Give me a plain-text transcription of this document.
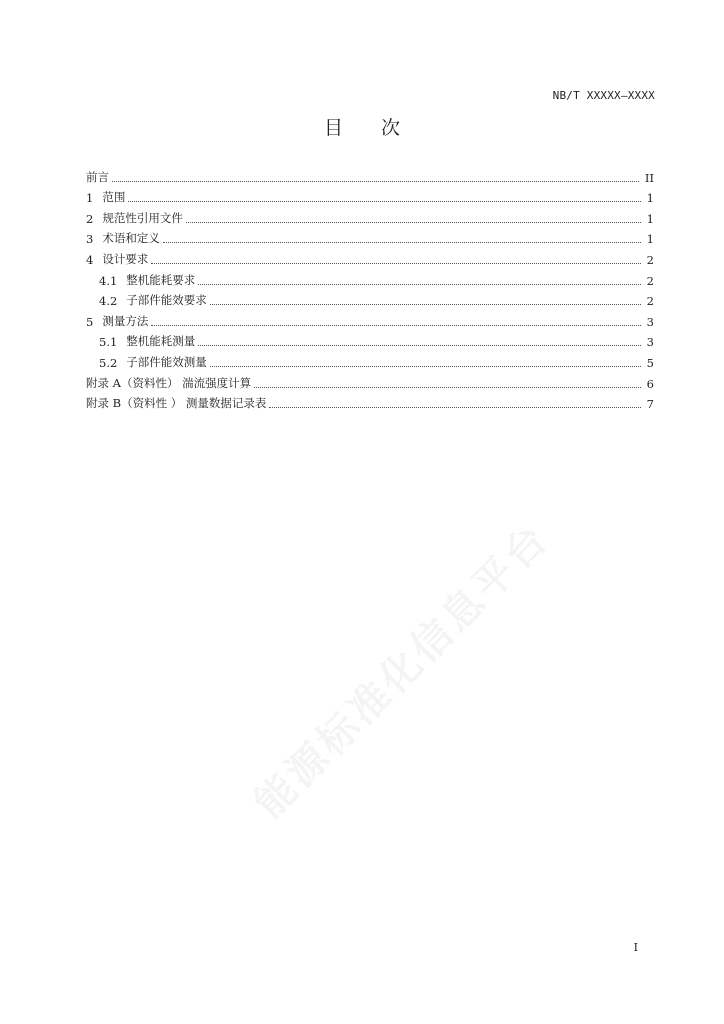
NB/T XXXXX—XXXX
目 次
前言	II
1 范围	1
2 规范性引用文件	1
3 术语和定义	1
4 设计要求	2
4.1 整机能耗要求	2
4.2 子部件能效要求	2
5 测量方法	3
5.1 整机能耗测量	3
5.2 子部件能效测量	5
附录 A（资料性） 湍流强度计算	6
附录 B（资料性 ） 测量数据记录表	7
I
